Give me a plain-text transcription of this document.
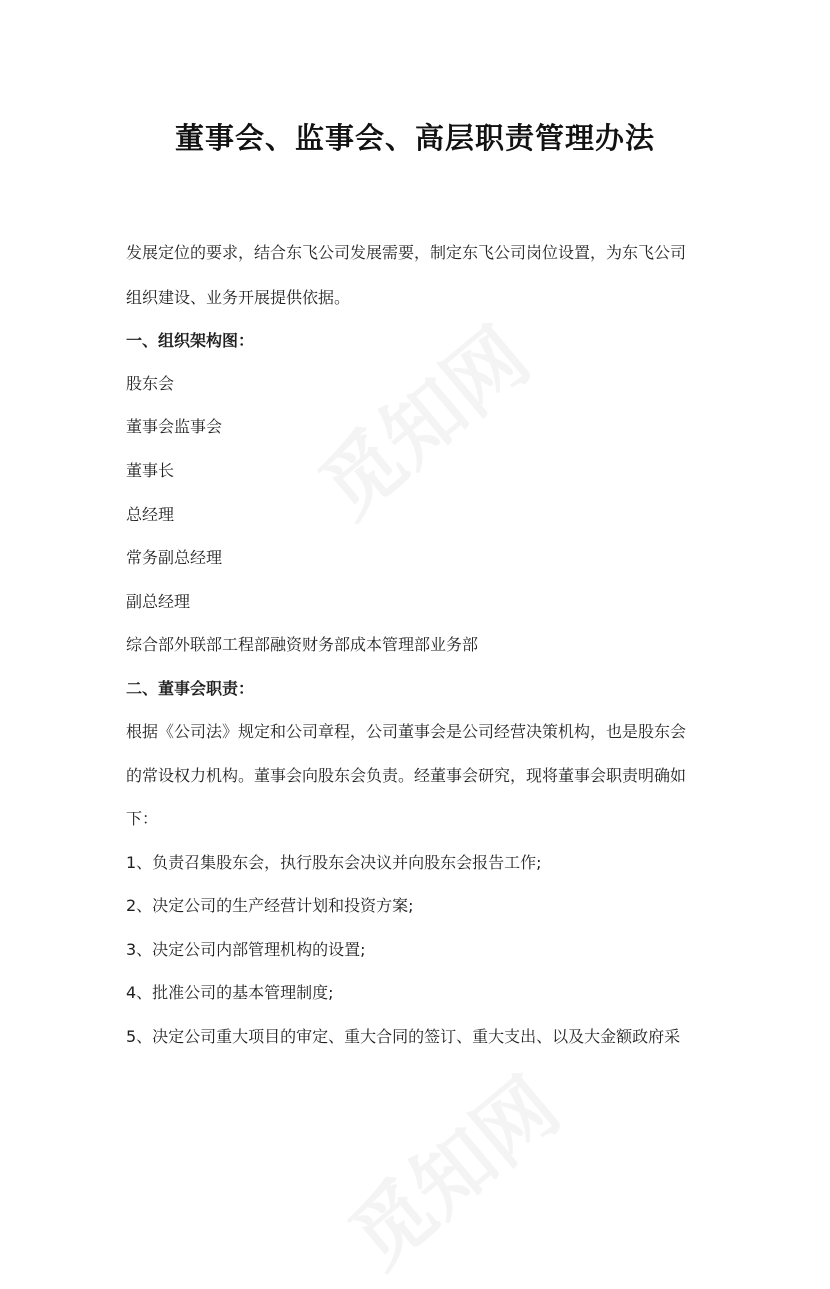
董事会、监事会、高层职责管理办法
发展定位的要求，结合东飞公司发展需要，制定东飞公司岗位设置，为东飞公司
组织建设、业务开展提供依据。
一、组织架构图：
股东会
董事会监事会
董事长
总经理
常务副总经理
副总经理
综合部外联部工程部融资财务部成本管理部业务部
二、董事会职责：
根据《公司法》规定和公司章程，公司董事会是公司经营决策机构，也是股东会
的常设权力机构。董事会向股东会负责。经董事会研究，现将董事会职责明确如
下：
1、负责召集股东会，执行股东会决议并向股东会报告工作;
2、决定公司的生产经营计划和投资方案;
3、决定公司内部管理机构的设置;
4、批准公司的基本管理制度;
5、决定公司重大项目的审定、重大合同的签订、重大支出、以及大金额政府采
